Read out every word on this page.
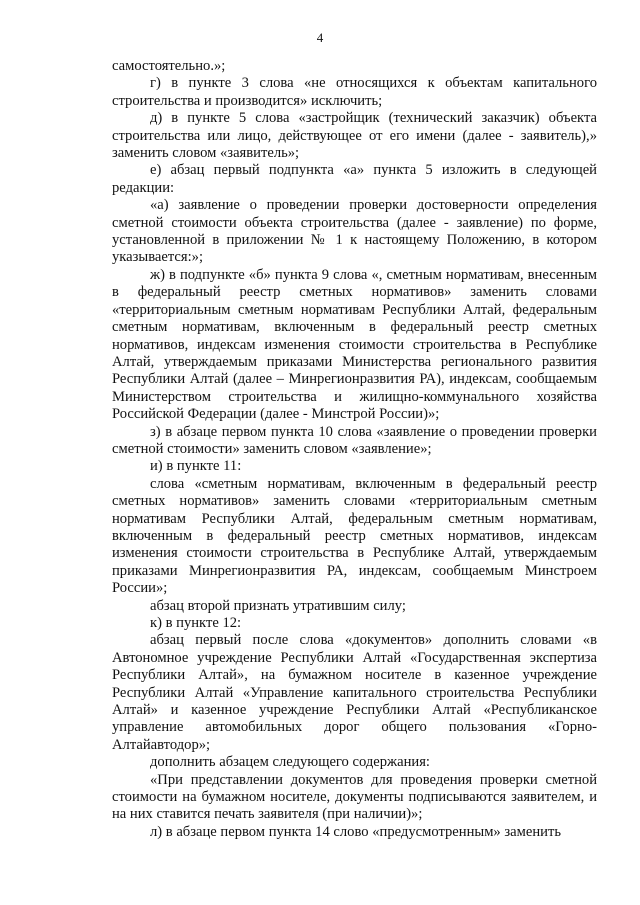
4

самостоятельно.»;

г) в пункте 3 слова «не относящихся к объектам капитального строительства и производится» исключить;

д) в пункте 5 слова «застройщик (технический заказчик) объекта строительства или лицо, действующее от его имени (далее - заявитель),» заменить словом «заявитель»;

е) абзац первый подпункта «а» пункта 5 изложить в следующей редакции:

«а) заявление о проведении проверки достоверности определения сметной стоимости объекта строительства (далее - заявление) по форме, установленной в приложении № 1 к настоящему Положению, в котором указывается:»;

ж) в подпункте «б» пункта 9 слова «, сметным нормативам, внесенным в федеральный реестр сметных нормативов» заменить словами «территориальным сметным нормативам Республики Алтай, федеральным сметным нормативам, включенным в федеральный реестр сметных нормативов, индексам изменения стоимости строительства в Республике Алтай, утверждаемым приказами Министерства регионального развития Республики Алтай (далее – Минрегионразвития РА), индексам, сообщаемым Министерством строительства и жилищно-коммунального хозяйства Российской Федерации (далее - Минстрой России)»;

з) в абзаце первом пункта 10 слова «заявление о проведении проверки сметной стоимости» заменить словом «заявление»;

и) в пункте 11:

слова «сметным нормативам, включенным в федеральный реестр сметных нормативов» заменить словами «территориальным сметным нормативам Республики Алтай, федеральным сметным нормативам, включенным в федеральный реестр сметных нормативов, индексам изменения стоимости строительства в Республике Алтай, утверждаемым приказами Минрегионразвития РА, индексам, сообщаемым Минстроем России»;

абзац второй признать утратившим силу;

к) в пункте 12:

абзац первый после слова «документов» дополнить словами «в Автономное учреждение Республики Алтай «Государственная экспертиза Республики Алтай», на бумажном носителе в казенное учреждение Республики Алтай «Управление капитального строительства Республики Алтай» и казенное учреждение Республики Алтай «Республиканское управление автомобильных дорог общего пользования «Горно-Алтайавтодор»;

дополнить абзацем следующего содержания:

«При представлении документов для проведения проверки сметной стоимости на бумажном носителе, документы подписываются заявителем, и на них ставится печать заявителя (при наличии)»;

л) в абзаце первом пункта 14 слово «предусмотренным» заменить
